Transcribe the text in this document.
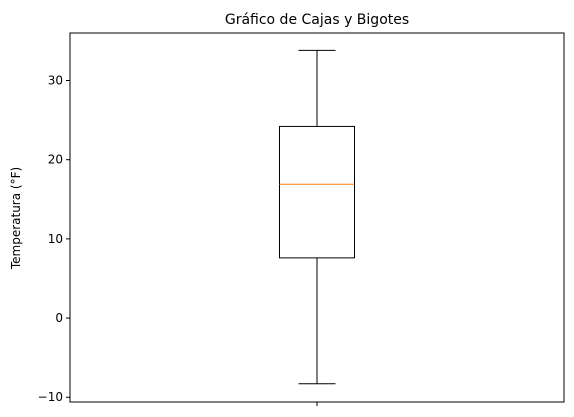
Gráfico de Cajas y Bigotes
Temperatura (°F)
−10
0
10
20
30
